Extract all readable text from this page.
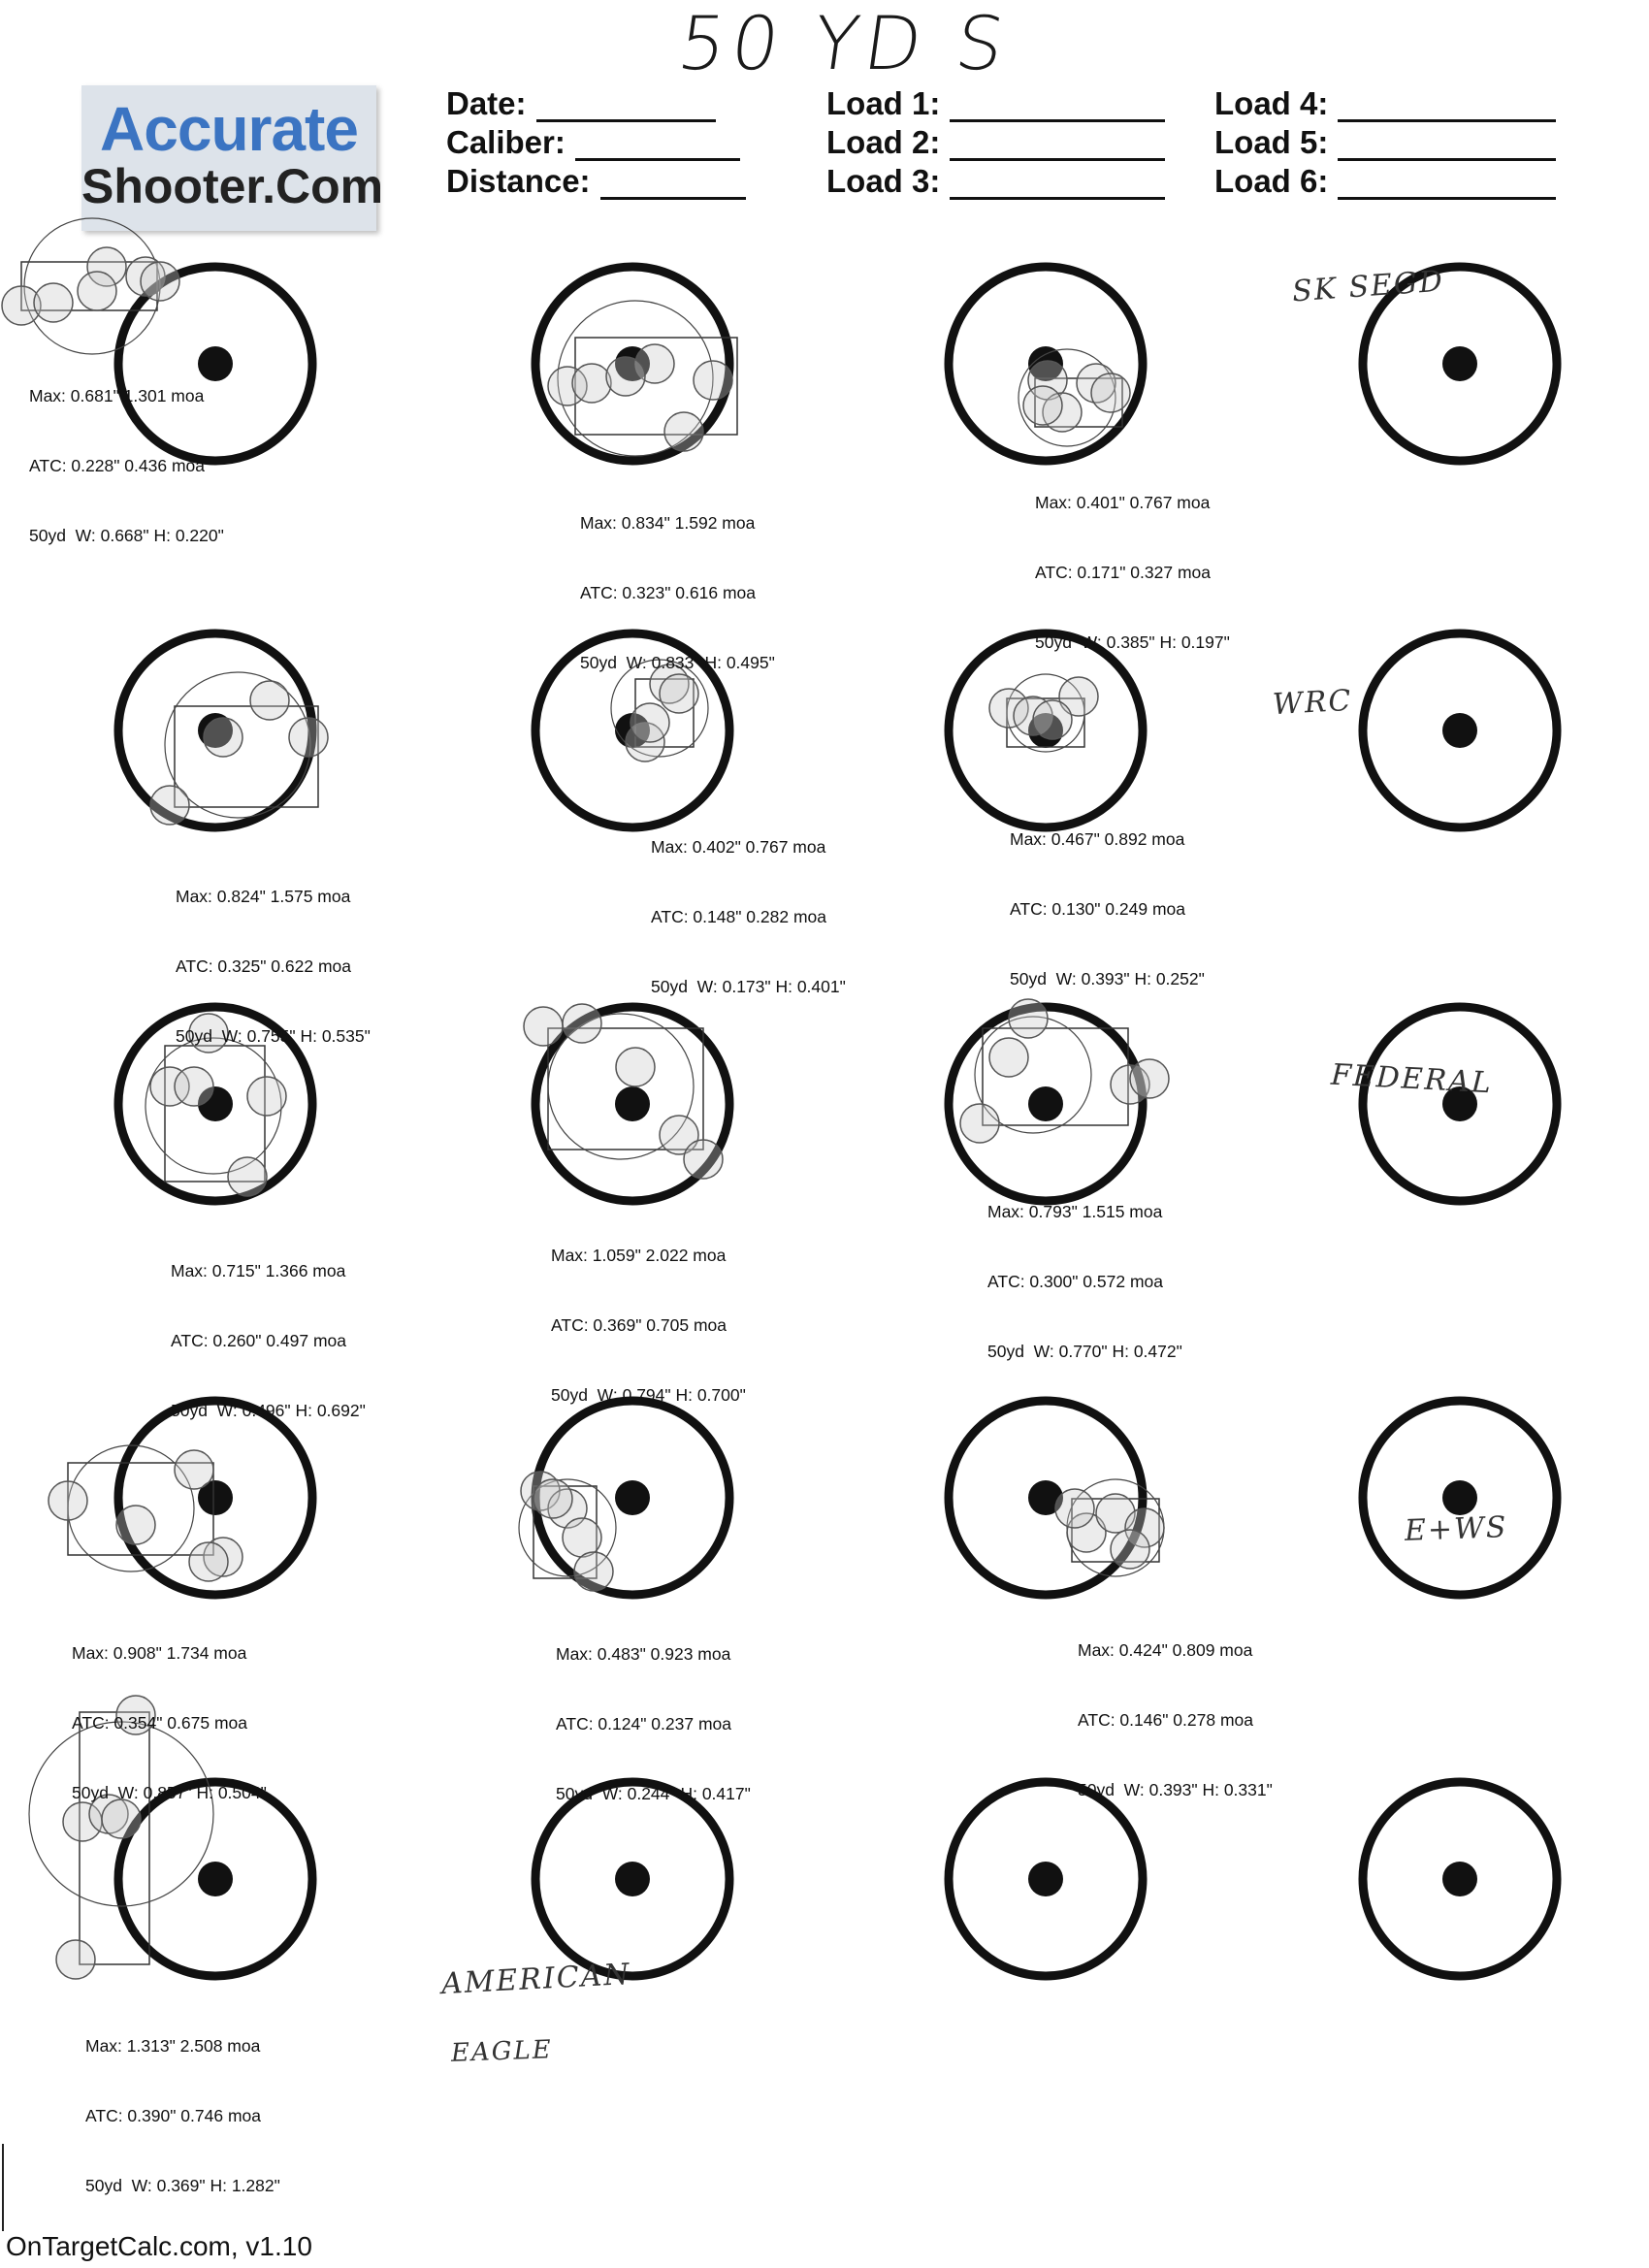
50 YD S
Accurate
Shooter.Com
Date:
Caliber:
Distance:
Load 1:
Load 2:
Load 3:
Load 4:
Load 5:
Load 6:

Max: 0.681" 1.301 moa

ATC: 0.228" 0.436 moa

50yd  W: 0.668" H: 0.220"

Max: 0.834" 1.592 moa

ATC: 0.323" 0.616 moa

50yd  W: 0.833" H: 0.495"

Max: 0.401" 0.767 moa

ATC: 0.171" 0.327 moa

50yd  W: 0.385" H: 0.197"

Max: 0.824" 1.575 moa

ATC: 0.325" 0.622 moa

50yd  W: 0.755" H: 0.535"

Max: 0.402" 0.767 moa

ATC: 0.148" 0.282 moa

50yd  W: 0.173" H: 0.401"

Max: 0.467" 0.892 moa

ATC: 0.130" 0.249 moa

50yd  W: 0.393" H: 0.252"

Max: 0.715" 1.366 moa

ATC: 0.260" 0.497 moa

50yd  W: 0.496" H: 0.692"

Max: 1.059" 2.022 moa

ATC: 0.369" 0.705 moa

50yd  W: 0.794" H: 0.700"

Max: 0.793" 1.515 moa

ATC: 0.300" 0.572 moa

50yd  W: 0.770" H: 0.472"

Max: 0.908" 1.734 moa

ATC: 0.354" 0.675 moa

50yd  W: 0.857" H: 0.504"

Max: 0.483" 0.923 moa

ATC: 0.124" 0.237 moa

50yd  W: 0.244" H: 0.417"

Max: 0.424" 0.809 moa

ATC: 0.146" 0.278 moa

50yd  W: 0.393" H: 0.331"

Max: 1.313" 2.508 moa

ATC: 0.390" 0.746 moa

50yd  W: 0.369" H: 1.282"

SK SEGD
WRC
FEDERAL
E+WS
AMERICAN
EAGLE
OnTargetCalc.com, v1.10
